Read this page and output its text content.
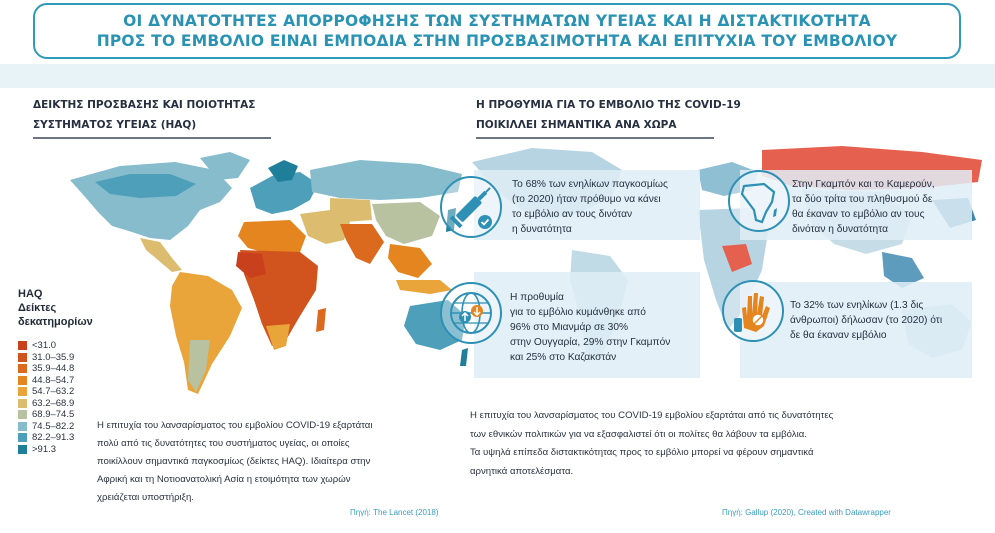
ΟΙ ΔΥΝΑΤΟΤΗΤΕΣ ΑΠΟΡΡΟΦΗΣΗΣ ΤΩΝ ΣΥΣΤΗΜΑΤΩΝ ΥΓΕΙΑΣ ΚΑΙ Η ΔΙΣΤΑΚΤΙΚΟΤΗΤΑ
ΠΡΟΣ ΤΟ ΕΜΒΟΛΙΟ ΕΙΝΑΙ ΕΜΠΟΔΙΑ ΣΤΗΝ ΠΡΟΣΒΑΣΙΜΟΤΗΤΑ ΚΑΙ ΕΠΙΤΥΧΙΑ ΤΟΥ ΕΜΒΟΛΙΟΥ
ΔΕΙΚΤΗΣ ΠΡΟΣΒΑΣΗΣ ΚΑΙ ΠΟΙΟΤΗΤΑΣ
ΣΥΣΤΗΜΑΤΟΣ ΥΓΕΙΑΣ (HAQ)
Η ΠΡΟΘΥΜΙΑ ΓΙΑ ΤΟ ΕΜΒΟΛΙΟ ΤΗΣ COVID-19
ΠΟΙΚΙΛΛΕΙ ΣΗΜΑΝΤΙΚΑ ΑΝΑ ΧΩΡΑ
HAQ
Δείκτες
δεκατημορίων
<31.0
31.0–35.9
35.9–44.8
44.8–54.7
54.7–63.2
63.2–68.9
68.9–74.5
74.5–82.2
82.2–91.3
>91.3
Η επιτυχία του λανσαρίσματος του εμβολίου COVID-19 εξαρτάται
πολύ από τις δυνατότητες του συστήματος υγείας, οι οποίες
ποικίλλουν σημαντικά παγκοσμίως (δείκτες HAQ). Ιδιαίτερα στην
Αφρική και τη Νοτιοανατολική Ασία η ετοιμότητα των χωρών
χρειάζεται υποστήριξη.
Πηγή: The Lancet (2018)
Το 68% των ενηλίκων παγκοσμίως
(το 2020) ήταν πρόθυμο να κάνει
το εμβόλιο αν τους δινόταν
η δυνατότητα
Στην Γκαμπόν και το Καμερούν,
τα δύο τρίτα του πληθυσμού δε
θα έκαναν το εμβόλιο αν τους
δινόταν η δυνατότητα
Η προθυμία
για το εμβόλιο κυμάνθηκε από
96% στο Μιανμάρ σε 30%
στην Ουγγαρία, 29% στην Γκαμπόν
και 25% στο Καζακστάν
Το 32% των ενηλίκων (1.3 δις
άνθρωποι) δήλωσαν (το 2020) ότι
δε θα έκαναν εμβόλιο
Η επιτυχία του λανσαρίσματος του COVID-19 εμβολίου εξαρτάται από τις δυνατότητες
των εθνικών πολιτικών για να εξασφαλιστεί ότι οι πολίτες θα λάβουν τα εμβόλια.
Τα υψηλά επίπεδα διστακτικότητας προς το εμβόλιο μπορεί να φέρουν σημαντικά
αρνητικά αποτελέσματα.
Πηγή: Gallup (2020), Created with Datawrapper
